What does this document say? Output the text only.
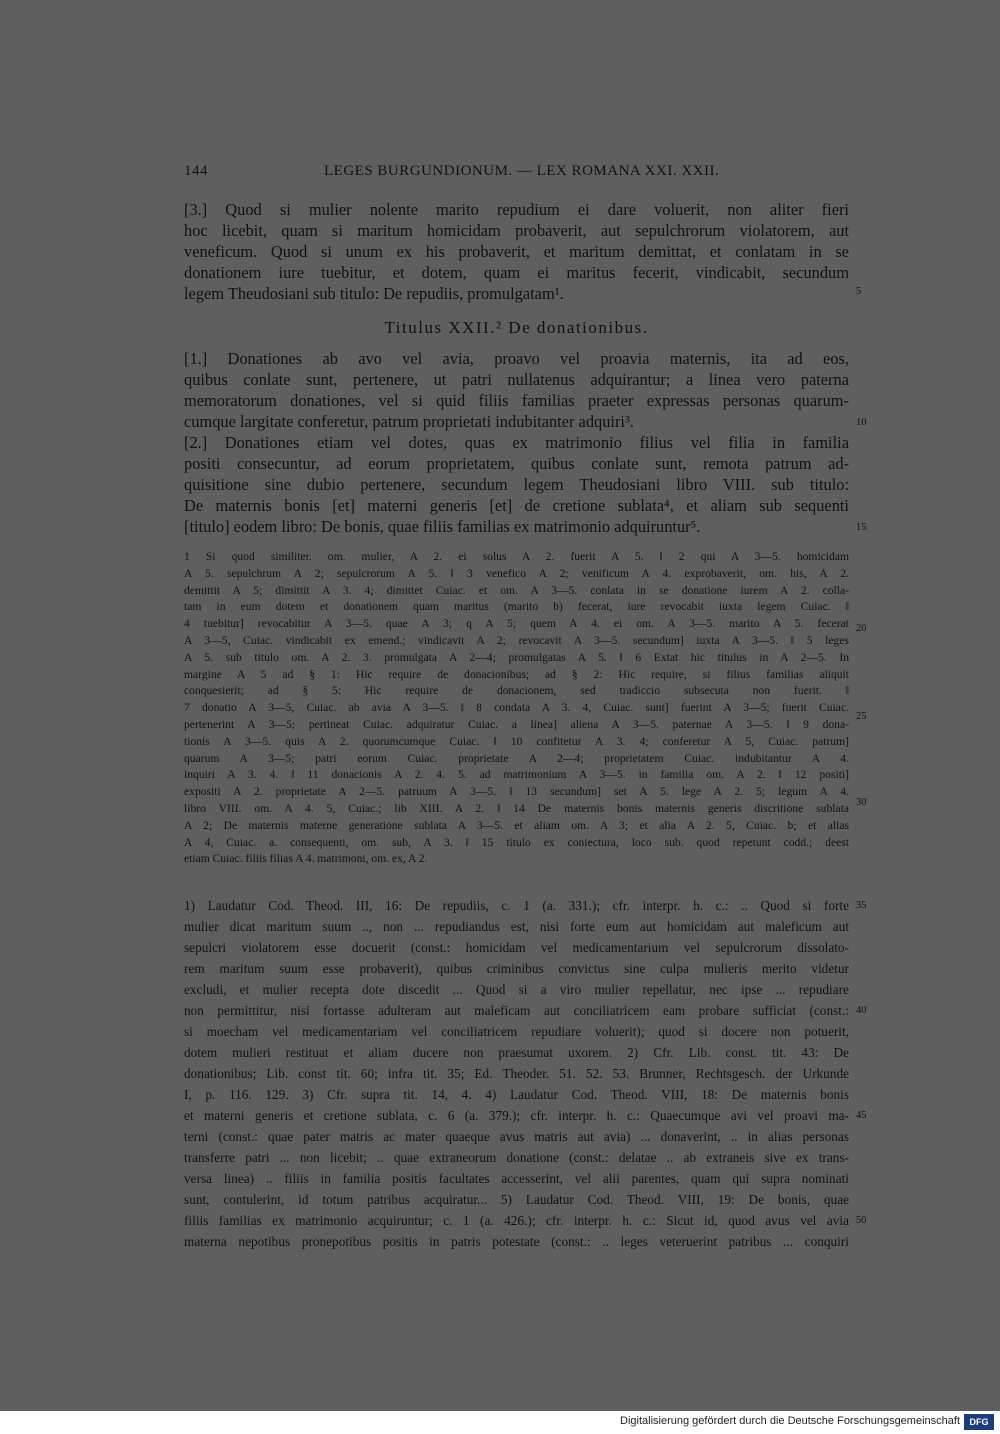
144	LEGES BURGUNDIONUM. — LEX ROMANA XXI. XXII.
[3.] Quod si mulier nolente marito repudium ei dare voluerit, non aliter fieri
hoc licebit, quam si maritum homicidam probaverit, aut sepulchrorum violatorem, aut
veneficum. Quod si unum ex his probaverit, et maritum demittat, et conlatam in se
donationem iure tuebitur, et dotem, quam ei maritus fecerit, vindicabit, secundum
legem Theudosiani sub titulo: De repudiis, promulgatam¹.
Titulus XXII.² De donationibus.
[1.] Donationes ab avo vel avia, proavo vel proavia maternis, ita ad eos,
quibus conlate sunt, pertenere, ut patri nullatenus adquirantur; a linea vero paterna
memoratorum donationes, vel si quid filiis familias praeter expressas personas quarum-
cumque largitate conferetur, patrum proprietati indubitanter adquiri³.
[2.] Donationes etiam vel dotes, quas ex matrimonio filius vel filia in familia
positi consecuntur, ad eorum proprietatem, quibus conlate sunt, remota patrum ad-
quisitione sine dubio pertenere, secundum legem Theudosiani libro VIII. sub titulo:
De maternis bonis [et] materni generis [et] de cretione sublata⁴, et aliam sub sequenti
[titulo] eodem libro: De bonis, quae filiis familias ex matrimonio adquiruntur⁵.
1 Si quod similiter. om. mulier, A 2. ei solus A 2. fuerit A 5. ‖ 2 qui A 3—5. homicidam
A 5. sepulchrum A 2; sepulcrorum A 5. ‖ 3 venefico A 2; venificum A 4. exprobaverit, om. his, A 2.
demittit A 5; dimittit A 3. 4; dimittet Cuiac. et om. A 3—5. conlata in se donatione iurem A 2. colla-
tam in eum dotem et donationem quam maritus (marito b) fecerat, iure revocabit iuxta legem Cuiac. ‖
4 tuebitur] revocabitur A 3—5. quae A 3; q A 5; quem A 4. ei om. A 3—5. marito A 5. fecerat
A 3—5, Cuiac. vindicabit ex emend.; vindicavit A 2; revocavit A 3—5. secundum] iuxta A 3—5. ‖ 5 leges
A 5. sub titulo om. A 2. 3. promulgata A 2—4; promulgatas A 5. ‖ 6 Extat hic titulus in A 2—5. In
margine A 5 ad § 1: Hic require de donacionibus; ad § 2: Hic require, si filius familias aliquit
conquesierit; ad § 5: Hic require de donacionem, sed tradiccio subsecuta non fuerit. ‖
7 donatio A 3—5, Cuiac. ab avia A 3—5. ‖ 8 condata A 3. 4, Cuiac. sunt] fuerint A 3—5; fuerit Cuiac.
pertenerint A 3—5; pertineat Cuiac. adquiratur Cuiac. a linea] aliena A 3—5. paternae A 3—5. ‖ 9 dona-
tionis A 3—5. quis A 2. quorumcumque Cuiac. ‖ 10 confitetur A 3. 4; conferetur A 5, Cuiac. patrum]
quarum A 3—5; patri eorum Cuiac. proprietate A 2—4; proprietatem Cuiac. indubitantur A 4.
inquiri A 3. 4. ‖ 11 donacionis A 2. 4. 5. ad matrimonium A 3—5. in familia om. A 2. ‖ 12 positi]
expositi A 2. proprietate A 2—5. patruum A 3—5. ‖ 13 secundum] set A 5. lege A 2. 5; legum A 4.
libro VIII. om. A 4. 5, Cuiac.; lib XIII. A 2. ‖ 14 De maternis bonis maternis generis discritione sublata
A 2; De maternis materne generatione sublata A 3—5. et aliam om. A 3; et alia A 2. 5, Cuiac. b; et alias
A 4, Cuiac. a. consequenti, om. sub, A 3. ‖ 15 titulo ex coniectura, loco sub. quod repetunt codd.; deest
etiam Cuiac. filiis filias A 4. matrimoni, om. ex, A 2.
1) Laudatur Cod. Theod. III, 16: De repudiis, c. 1 (a. 331.); cfr. interpr. h. c.: .. Quod si forte
mulier dicat maritum suum .., non ... repudiandus est, nisi forte eum aut homicidam aut maleficum aut
sepulcri violatorem esse docuerit (const.: homicidam vel medicamentarium vel sepulcrorum dissolato-
rem maritum suum esse probaverit), quibus criminibus convictus sine culpa mulieris merito videtur
excludi, et mulier recepta dote discedit ... Quod si a viro mulier repellatur, nec ipse ... repudiare
non permittitur, nisi fortasse adulteram aut maleficam aut conciliatricem eam probare sufficiat (const.:
si moecham vel medicamentariam vel conciliatricem repudiare voluerit); quod si docere non potuerit,
dotem mulieri restituat et aliam ducere non praesumat uxorem. 2) Cfr. Lib. const. tit. 43: De
donationibus; Lib. const tit. 60; infra tit. 35; Ed. Theoder. 51. 52. 53. Brunner, Rechtsgesch. der Urkunde
I, p. 116. 129. 3) Cfr. supra tit. 14, 4. 4) Laudatur Cod. Theod. VIII, 18: De maternis bonis
et materni generis et cretione sublata, c. 6 (a. 379.); cfr. interpr. h. c.: Quaecumque avi vel proavi ma-
terni (const.: quae pater matris ac mater quaeque avus matris aut avia) ... donaverint, .. in alias personas
transferre patri ... non licebit; .. quae extraneorum donatione (const.: delatae .. ab extraneis sive ex trans-
versa linea) .. filiis in familia positis facultates accesserint, vel alii parentes, quam qui supra nominati
sunt, contulerint, id totum patribus acquiratur... 5) Laudatur Cod. Theod. VIII, 19: De bonis, quae
filiis familias ex matrimonio acquiruntur; c. 1 (a. 426.); cfr. interpr. h. c.: Sicut id, quod avus vel avia
materna nepotibus pronepotibus positis in patris potestate (const.: .. leges veteruerint patribus ... conquiri
5
10
15
20
25
30
35
40
45
50
Digitalisierung gefördert durch die Deutsche Forschungsgemeinschaft	DFG
